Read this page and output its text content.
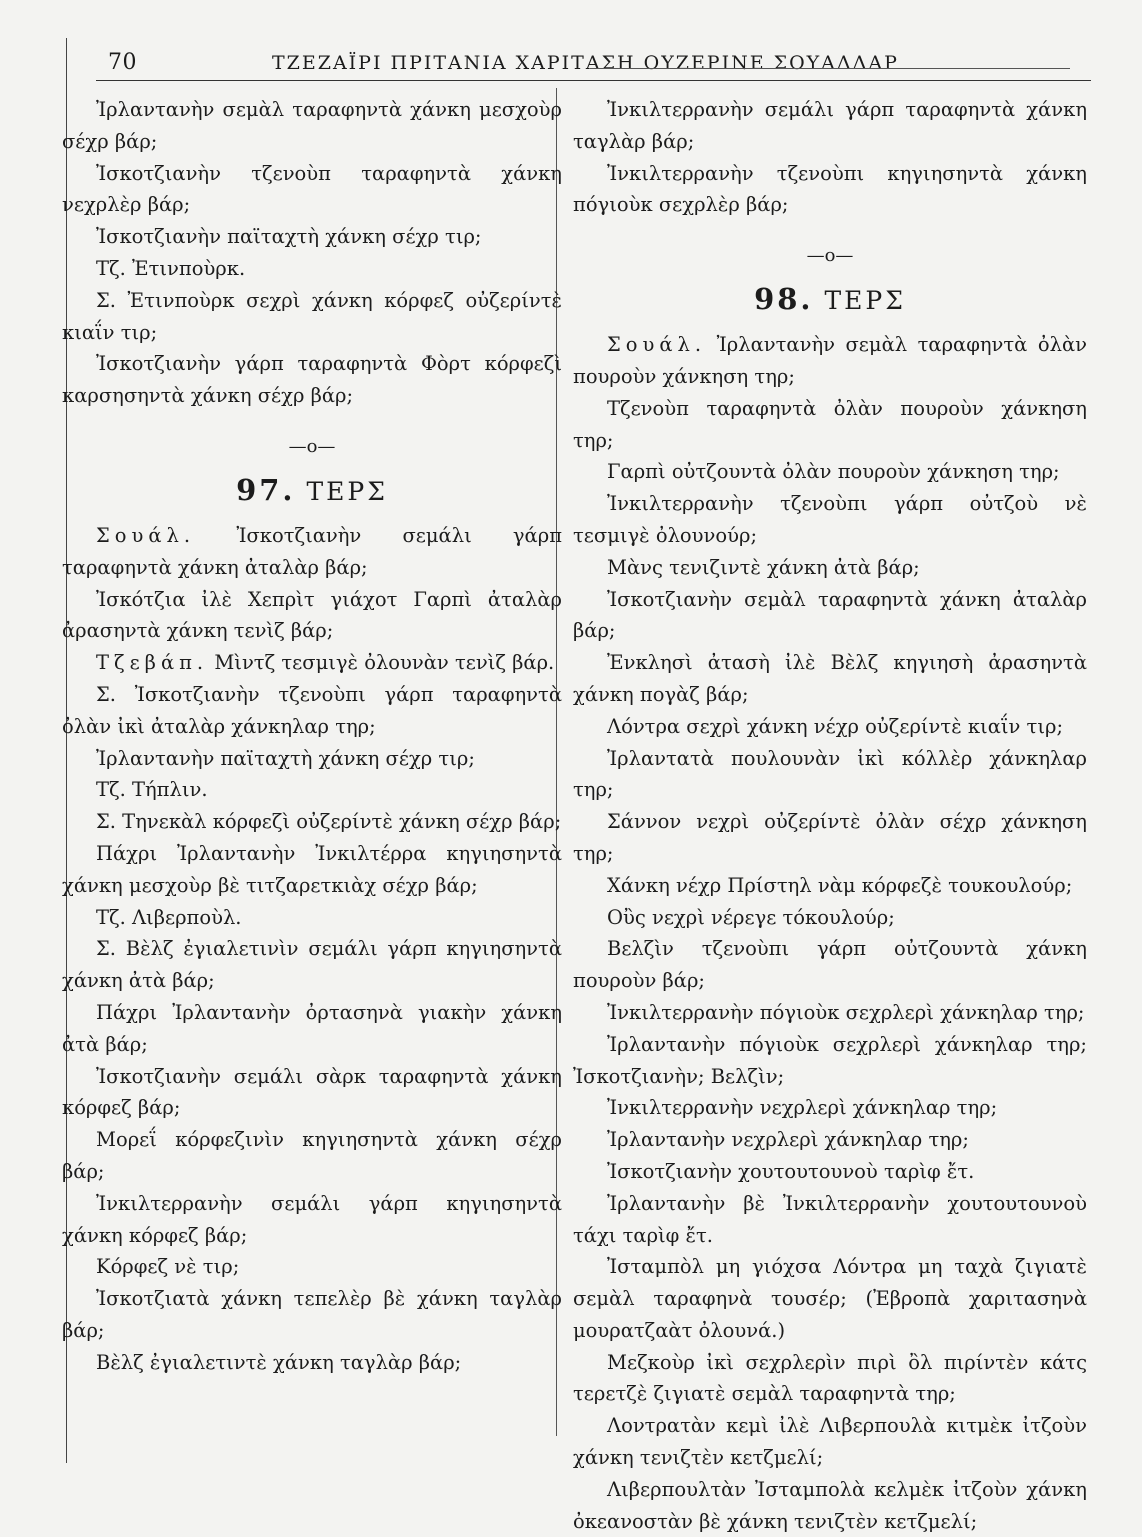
70	ΤΖΕΖΑΪΡΙ ΠΡΙΤΑΝΙΑ ΧΑΡΙΤΑΣΗ ΟΥΖΕΡΙΝΕ ΣΟΥΑΛΛΑΡ

Ἰρλαντανὴν σεμὰλ ταραφηντὰ χάνκη μεσχοὺρ σέχρ βάρ;

Ἰσκοτζιανὴν τζενοὺπ ταραφηντὰ χάνκη νεχρλὲρ βάρ;

Ἰσκοτζιανὴν παϊταχτὴ χάνκη σέχρ τιρ;

Τζ. Ἐτινποὺρκ.

Σ. Ἐτινποὺρκ σεχρὶ χάνκη κόρφεζ οὐζερίντὲ κιαΐν τιρ;

Ἰσκοτζιανὴν γάρπ ταραφηντὰ Φὸρτ κόρφεζὶ καρσησηντὰ χάνκη σέχρ βάρ;

—ο—
97. ΤΕΡΣ

Σουάλ. Ἰσκοτζιανὴν σεμάλι γάρπ ταραφηντὰ χάνκη ἀταλὰρ βάρ;

Ἰσκότζια ἰλὲ Χεπρὶτ γιάχοτ Γαρπὶ ἀταλὰρ ἀρασηντὰ χάνκη τενὶζ βάρ;

Τζεβάπ. Μὶντζ τεσμιγὲ ὀλουνὰν τενὶζ βάρ.

Σ. Ἰσκοτζιανὴν τζενοὺπι γάρπ ταραφηντὰ ὀλὰν ἰκὶ ἀταλὰρ χάνκηλαρ τηρ;

Ἰρλαντανὴν παϊταχτὴ χάνκη σέχρ τιρ;

Τζ. Τήπλιν.

Σ. Τηνεκὰλ κόρφεζὶ οὐζερίντὲ χάνκη σέχρ βάρ;

Πάχρι Ἰρλαντανὴν Ἰνκιλτέρρα κηγιησηντὰ χάνκη μεσχοὺρ βὲ τιτζαρετκιὰχ σέχρ βάρ;

Τζ. Λιβερποὺλ.

Σ. Βὲλζ ἐγιαλετινὶν σεμάλι γάρπ κηγιησηντὰ χάνκη ἀτὰ βάρ;

Πάχρι Ἰρλαντανὴν ὀρτασηνὰ γιακὴν χάνκη ἀτὰ βάρ;

Ἰσκοτζιανὴν σεμάλι σὰρκ ταραφηντὰ χάνκη κόρφεζ βάρ;

Μορεΐ κόρφεζινὶν κηγιησηντὰ χάνκη σέχρ βάρ;

Ἰνκιλτερρανὴν σεμάλι γάρπ κηγιησηντὰ χάνκη κόρφεζ βάρ;

Κόρφεζ νὲ τιρ;

Ἰσκοτζιατὰ χάνκη τεπελὲρ βὲ χάνκη ταγλὰρ βάρ;

Βὲλζ ἐγιαλετιντὲ χάνκη ταγλὰρ βάρ;

Ἰνκιλτερρανὴν σεμάλι γάρπ ταραφηντὰ χάνκη ταγλὰρ βάρ;

Ἰνκιλτερρανὴν τζενοὺπι κηγιησηντὰ χάνκη πόγιοὺκ σεχρλὲρ βάρ;

—ο—
98. ΤΕΡΣ

Σουάλ. Ἰρλαντανὴν σεμὰλ ταραφηντὰ ὀλὰν πουροὺν χάνκηση τηρ;

Τζενοὺπ ταραφηντὰ ὀλὰν πουροὺν χάνκηση τηρ;

Γαρπὶ οὐτζουντὰ ὀλὰν πουροὺν χάνκηση τηρ;

Ἰνκιλτερρανὴν τζενοὺπι γάρπ οὐτζοὺ νὲ τεσμιγὲ ὀλουνούρ;

Μὰνς τενιζιντὲ χάνκη ἀτὰ βάρ;

Ἰσκοτζιανὴν σεμὰλ ταραφηντὰ χάνκη ἀταλὰρ βάρ;

Ἐνκλησὶ ἀτασὴ ἰλὲ Βὲλζ κηγιησὴ ἀρασηντὰ χάνκη πογὰζ βάρ;

Λόντρα σεχρὶ χάνκη νέχρ οὐζερίντὲ κιαΐν τιρ;

Ἰρλαντατὰ πουλουνὰν ἰκὶ κόλλὲρ χάνκηλαρ τηρ;

Σάννον νεχρὶ οὐζερίντὲ ὀλὰν σέχρ χάνκηση τηρ;

Χάνκη νέχρ Πρίστηλ νὰμ κόρφεζὲ τουκουλούρ;

Οὒς νεχρὶ νέρεγε τόκουλούρ;

Βελζὶν τζενοὺπι γάρπ οὐτζουντὰ χάνκη πουροὺν βάρ;

Ἰνκιλτερρανὴν πόγιοὺκ σεχρλερὶ χάνκηλαρ τηρ;

Ἰρλαντανὴν πόγιοὺκ σεχρλερὶ χάνκηλαρ τηρ; Ἰσκοτζιανὴν; Βελζὶν;

Ἰνκιλτερρανὴν νεχρλερὶ χάνκηλαρ τηρ;

Ἰρλαντανὴν νεχρλερὶ χάνκηλαρ τηρ;

Ἰσκοτζιανὴν χουτουτουνοὺ ταρὶφ ἔτ.

Ἰρλαντανὴν βὲ Ἰνκιλτερρανὴν χουτουτουνοὺ τάχι ταρὶφ ἔτ.

Ἰσταμπὸλ μη γιόχσα Λόντρα μη ταχὰ ζιγιατὲ σεμὰλ ταραφηνὰ τουσέρ; (Ἐβροπὰ χαριτασηνὰ μουρατζαὰτ ὀλουνά.)

Μεζκοὺρ ἰκὶ σεχρλερὶν πιρὶ ὂλ πιρίντὲν κάτς τερετζὲ ζιγιατὲ σεμὰλ ταραφηντὰ τηρ;

Λοντρατὰν κεμὶ ἰλὲ Λιβερπουλὰ κιτμὲκ ἰτζοὺν χάνκη τενιζτὲν κετζμελί;

Λιβερπουλτὰν Ἰσταμπολὰ κελμὲκ ἰτζοὺν χάνκη ὀκεανοστὰν βὲ χάνκη τενιζτὲν κετζμελί;
